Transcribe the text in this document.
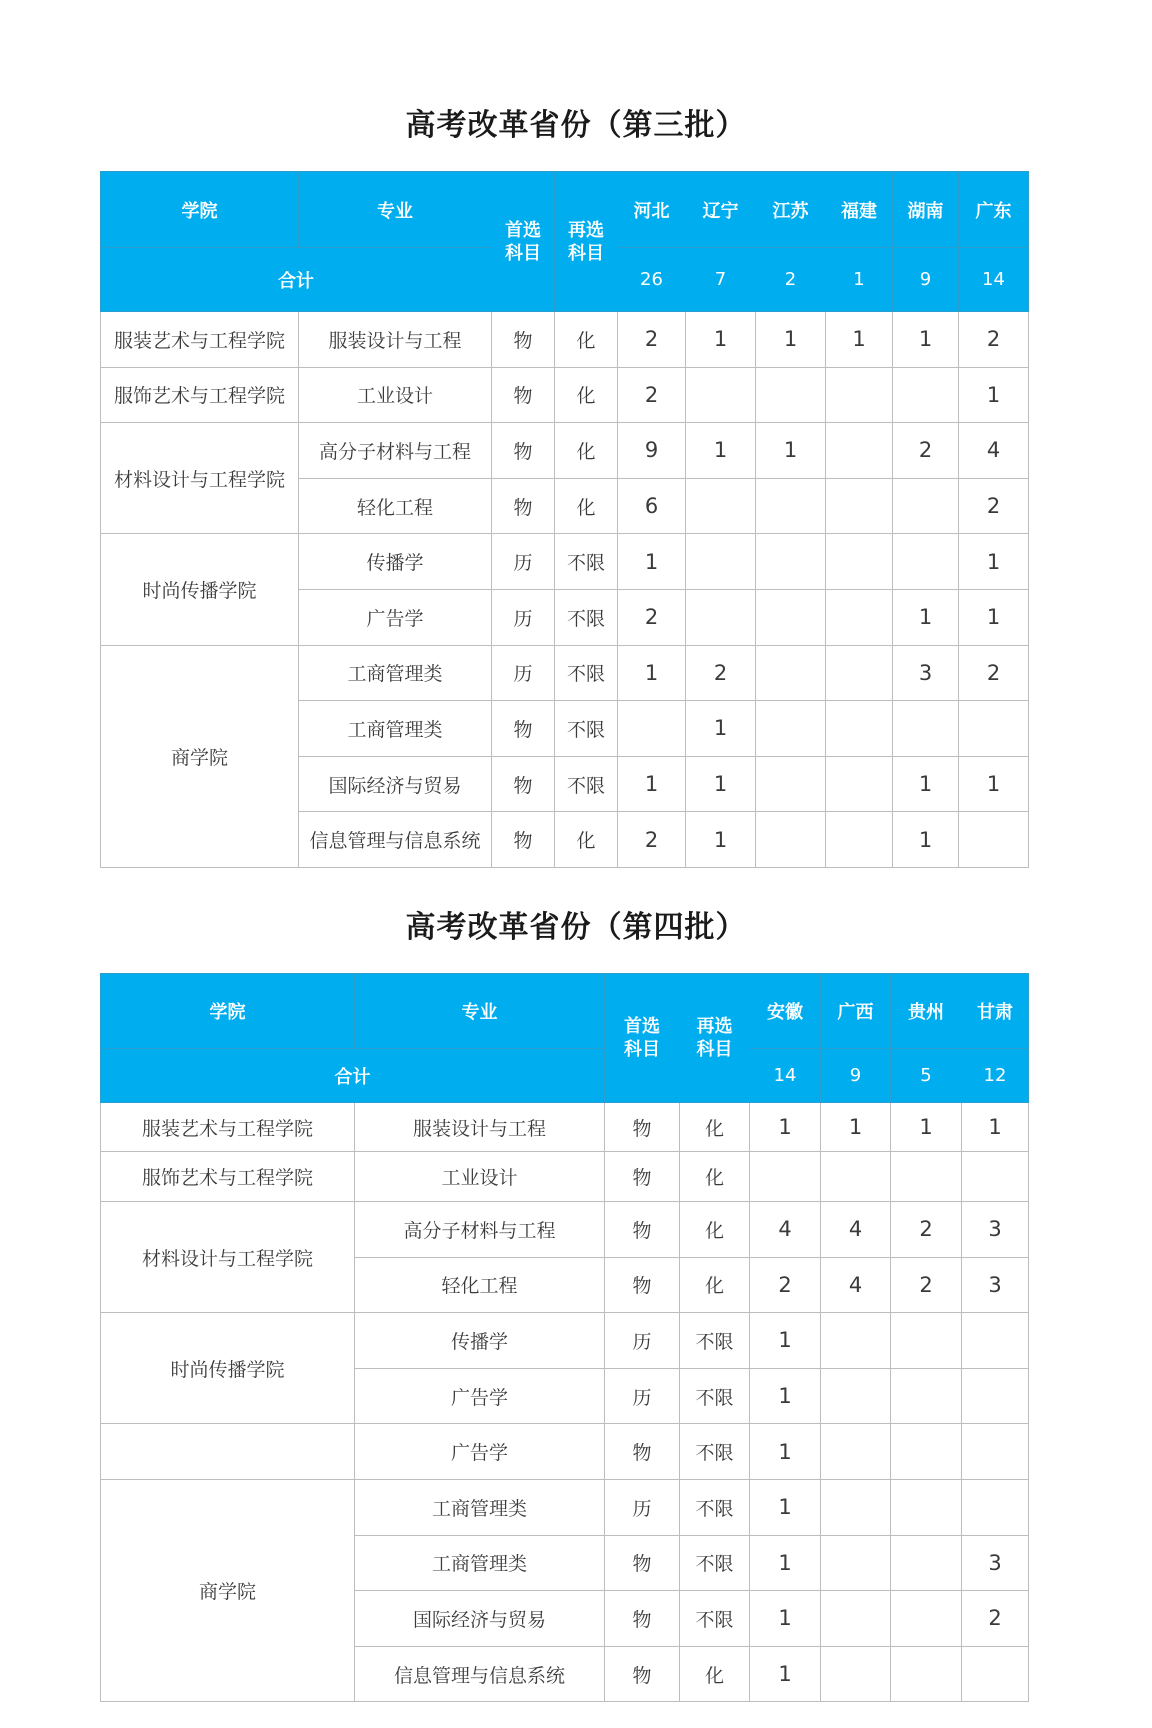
高考改革省份（第三批）
学院	专业	首选科目	再选科目	河北	辽宁	江苏	福建	湖南	广东
合计				26	7	2	1	9	14
服装艺术与工程学院	服装设计与工程	物	化	2	1	1	1	1	2
服饰艺术与工程学院	工业设计	物	化	2					1
材料设计与工程学院	高分子材料与工程	物	化	9	1	1		2	4
	轻化工程	物	化	6					2
时尚传播学院	传播学	历	不限	1					1
	广告学	历	不限	2				1	1
商学院	工商管理类	历	不限	1	2			3	2
	工商管理类	物	不限		1				
	国际经济与贸易	物	不限	1	1			1	1
	信息管理与信息系统	物	化	2	1			1	
高考改革省份（第四批）
学院	专业	首选科目	再选科目	安徽	广西	贵州	甘肃
合计				14	9	5	12
服装艺术与工程学院	服装设计与工程	物	化	1	1	1	1
服饰艺术与工程学院	工业设计	物	化				
材料设计与工程学院	高分子材料与工程	物	化	4	4	2	3
	轻化工程	物	化	2	4	2	3
时尚传播学院	传播学	历	不限	1			
	广告学	历	不限	1			
	广告学	物	不限	1			
商学院	工商管理类	历	不限	1			
	工商管理类	物	不限	1			3
	国际经济与贸易	物	不限	1			2
	信息管理与信息系统	物	化	1			
